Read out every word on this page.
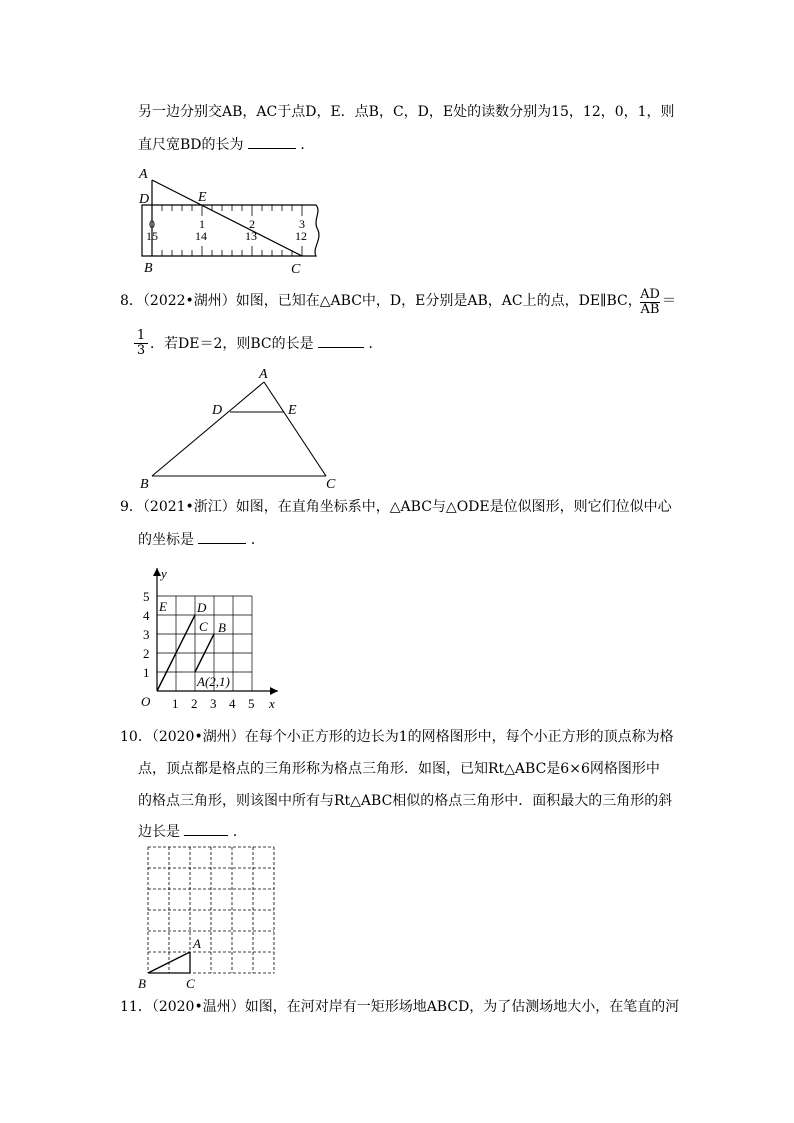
另一边分别交AB，AC于点D，E．点B，C，D，E处的读数分别为15，12，0，1，则
直尺宽BD的长为	．
A
D	E
B	C
0	1	2	3
15	14	13	12
8．（2022•湖州）如图，已知在△ABC中，D，E分别是AB，AC上的点，DE∥BC，
$\frac{AD}{AB}$ ＝
$\frac{1}{3}$ ．若DE＝2，则BC的长是	．
A
D	E
B	C
9．（2021•浙江）如图，在直角坐标系中，△ABC与△ODE是位似图形，则它们位似中心
的坐标是	．
y
x
O
E D
C B
A(2,1)
1
2
3
4
5
1 2 3 4 5
10．（2020•湖州）在每个小正方形的边长为1的网格图形中，每个小正方形的顶点称为格
点，顶点都是格点的三角形称为格点三角形．如图，已知Rt△ABC是6×6网格图形中
的格点三角形，则该图中所有与Rt△ABC相似的格点三角形中．面积最大的三角形的斜
边长是	．
A
B	C
11．（2020•温州）如图，在河对岸有一矩形场地ABCD，为了估测场地大小，在笔直的河
